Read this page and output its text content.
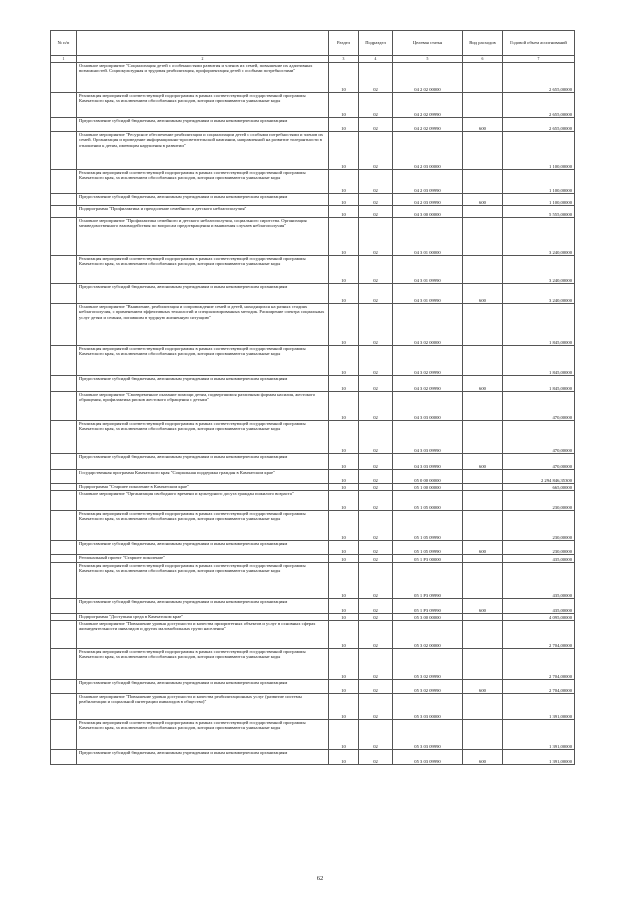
№ п/п		Раздел	Подраздел	Целевая статья	Вид расходов	Годовой объем ассигнований
1	2	3	4	5	6	7
	Основное мероприятие "Социализация детей с особенностями развития и членов их семей, повышение их адаптивных возможностей. Социокультурная и трудовая реабилитация, профориентация детей с особыми потребностями"	10	02	04 2 02 00000		2 655,00000
	Реализация мероприятий соответствующей подпрограммы в рамках соответствующей государственной программы Камчатского края, за исключением обособленных расходов, которым присваиваются уникальные коды	10	02	04 2 02 09990		2 655,00000
	Предоставление субсидий бюджетным, автономным учреждениям и иным некоммерческим организациям	10	02	04 2 02 09990	600	2 655,00000
	Основное мероприятие "Ресурсное обеспечение реабилитации и социализации детей с особыми потребностями и членов их семей. Организация и проведение информационно-просветительской кампании, направленной на развитие толерантности в отношении к детям, имеющим нарушения в развитии"	10	02	04 2 03 00000		1 100,00000
	Реализация мероприятий соответствующей подпрограммы в рамках соответствующей государственной программы Камчатского края, за исключением обособленных расходов, которым присваиваются уникальные коды	10	02	04 2 03 09990		1 100,00000
	Предоставление субсидий бюджетным, автономным учреждениям и иным некоммерческим организациям	10	02	04 2 03 09990	600	1 100,00000
	Подпрограмма "Профилактика и преодоление семейного и детского неблагополучия"	10	02	04 3 00 00000		5 555,00000
	Основное мероприятие "Профилактика семейного и детского неблагополучия, социального сиротства. Организация межведомственного взаимодействия по вопросам предотвращения и выявления случаев неблагополучия"	10	02	04 3 01 00000		3 240,00000
	Реализация мероприятий соответствующей подпрограммы в рамках соответствующей государственной программы Камчатского края, за исключением обособленных расходов, которым присваиваются уникальные коды	10	02	04 3 01 09990		3 240,00000
	Предоставление субсидий бюджетным, автономным учреждениям и иным некоммерческим организациям	10	02	04 3 01 09990	600	3 240,00000
	Основное мероприятие "Выявление, реабилитация и сопровождение семей и детей, находящихся на разных стадиях неблагополучия, с применением эффективных технологий и специализированных методик. Расширение спектра социальных услуг детям и семьям, попавшим в трудную жизненную ситуацию"	10	02	04 3 02 00000		1 845,00000
	Реализация мероприятий соответствующей подпрограммы в рамках соответствующей государственной программы Камчатского края, за исключением обособленных расходов, которым присваиваются уникальные коды	10	02	04 3 02 09990		1 845,00000
	Предоставление субсидий бюджетным, автономным учреждениям и иным некоммерческим организациям	10	02	04 3 02 09990	600	1 845,00000
	Основное мероприятие "Своевременное оказание помощи детям, подвергшимся различным формам насилия, жестокого обращения, профилактика рисков жестокого обращения с детьми"	10	02	04 3 03 00000		470,00000
	Реализация мероприятий соответствующей подпрограммы в рамках соответствующей государственной программы Камчатского края, за исключением обособленных расходов, которым присваиваются уникальные коды	10	02	04 3 03 09990		470,00000
	Предоставление субсидий бюджетным, автономным учреждениям и иным некоммерческим организациям	10	02	04 3 03 09990	600	470,00000
	Государственная программа Камчатского края "Социальная поддержка граждан в Камчатском крае"	10	02	05 0 00 00000		2 294 846,35300
	Подпрограмма "Старшее поколение в Камчатском крае"	10	02	05 1 00 00000		665,00000
	Основное мероприятие "Организация свободного времени и культурного досуга граждан пожилого возраста"	10	02	05 1 05 00000		230,00000
	Реализация мероприятий соответствующей подпрограммы в рамках соответствующей государственной программы Камчатского края, за исключением обособленных расходов, которым присваиваются уникальные коды	10	02	05 1 05 09990		230,00000
	Предоставление субсидий бюджетным, автономным учреждениям и иным некоммерческим организациям	10	02	05 1 05 09990	600	230,00000
	Региональный проект "Старшее поколение"	10	02	05 1 P3 00000		435,00000
	Реализация мероприятий соответствующей подпрограммы в рамках соответствующей государственной программы Камчатского края, за исключением обособленных расходов, которым присваиваются уникальные коды	10	02	05 1 P3 09990		435,00000
	Предоставление субсидий бюджетным, автономным учреждениям и иным некоммерческим организациям	10	02	05 1 P3 09990	600	435,00000
	Подпрограмма "Доступная среда в Камчатском крае"	10	02	05 3 00 00000		4 095,00000
	Основное мероприятие "Повышение уровня доступности и качества приоритетных объектов и услуг в основных сферах жизнедеятельности инвалидов и других маломобильных групп населения"	10	02	05 3 02 00000		2 704,00000
	Реализация мероприятий соответствующей подпрограммы в рамках соответствующей государственной программы Камчатского края, за исключением обособленных расходов, которым присваиваются уникальные коды	10	02	05 3 02 09990		2 704,00000
	Предоставление субсидий бюджетным, автономным учреждениям и иным некоммерческим организациям	10	02	05 3 02 09990	600	2 704,00000
	Основное мероприятие "Повышение уровня доступности и качества реабилитационных услуг (развитие системы реабилитации и социальной интеграции инвалидов в общество)"	10	02	05 3 03 00000		1 391,00000
	Реализация мероприятий соответствующей подпрограммы в рамках соответствующей государственной программы Камчатского края, за исключением обособленных расходов, которым присваиваются уникальные коды	10	02	05 3 03 09990		1 391,00000
	Предоставление субсидий бюджетным, автономным учреждениям и иным некоммерческим организациям	10	02	05 3 03 09990	600	1 391,00000
62
